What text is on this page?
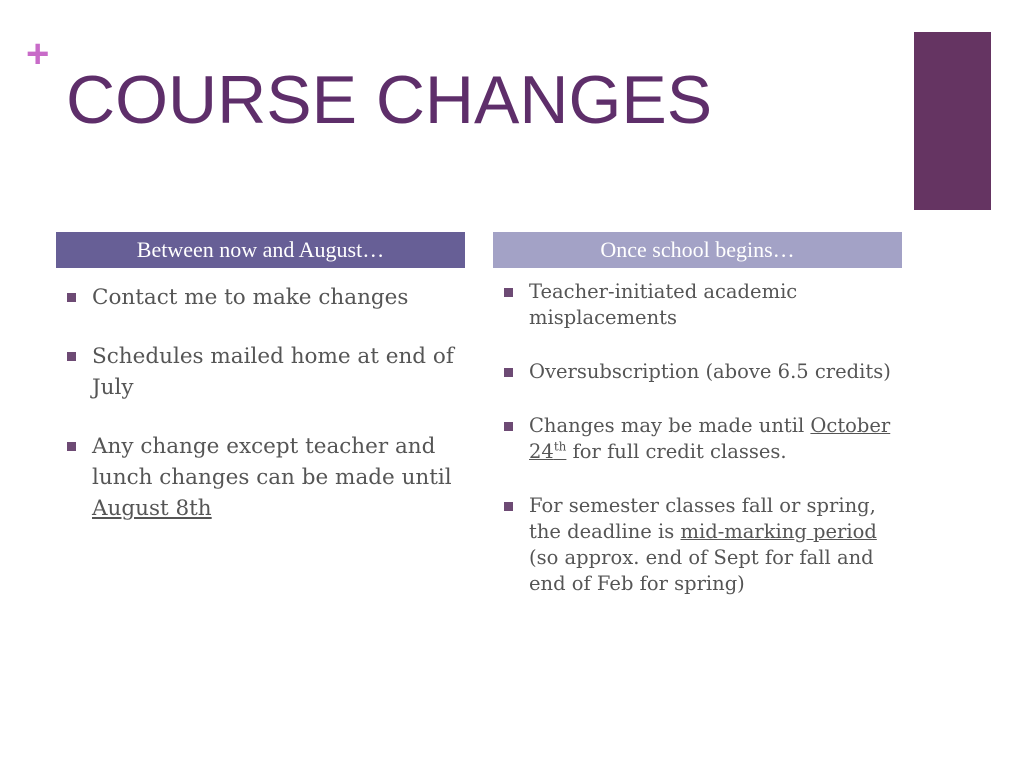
+
COURSE CHANGES
Between now and August…	Once school begins…
Contact me to make changes
Schedules mailed home at end of July
Any change except teacher and lunch changes can be made until August 8th
Teacher-initiated academic misplacements
Oversubscription (above 6.5 credits)
Changes may be made until October 24th for full credit classes.
For semester classes fall or spring, the deadline is mid-marking period (so approx. end of Sept for fall and end of Feb for spring)
